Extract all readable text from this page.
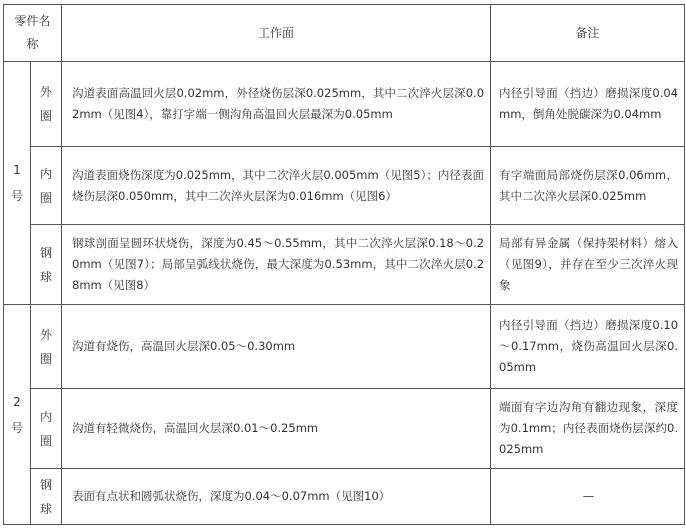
零件名称		工作面	备注

1号	外圈	沟道表面高温回火层0.02mm，外径烧伤层深0.025mm，其中二次淬火层深0.02mm（见图4），靠打字端一侧沟角高温回火层最深为0.05mm	内径引导面（挡边）磨损深度0.04mm，倒角处脱碳深为0.04mm

	内圈	沟道表面烧伤深度为0.025mm，其中二次淬火层0.005mm（见图5）；内径表面烧伤层深0.050mm，其中二次淬火层深为0.016mm（见图6）	有字端面局部烧伤层深0.06mm，其中二次淬火层深0.025mm

	钢球	钢球剖面呈圆环状烧伤，深度为0.45～0.55mm，其中二次淬火层深0.18～0.20mm（见图7）；局部呈弧线状烧伤，最大深度为0.53mm，其中二次淬火层0.28mm（见图8）	局部有异金属（保持架材料）熔入（见图9），并存在至少三次淬火现象

2号	外圈	沟道有烧伤，高温回火层深0.05～0.30mm	内径引导面（挡边）磨损深度0.10～0.17mm，烧伤高温回火层深0.05mm

	内圈	沟道有轻微烧伤，高温回火层深0.01～0.25mm	端面有字边沟角有翻边现象，深度为0.1mm；内径表面烧伤层深约0.025mm

	钢球	表面有点状和圆弧状烧伤，深度为0.04～0.07mm（见图10）	—
